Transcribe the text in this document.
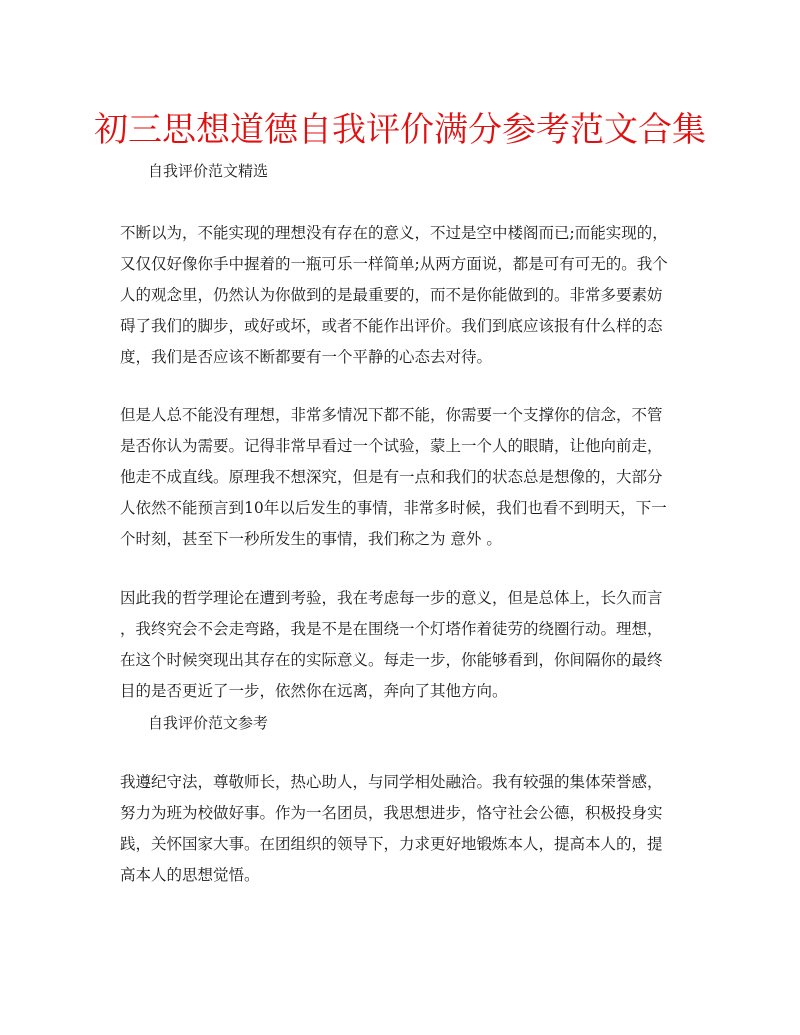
初三思想道德自我评价满分参考范文合集
自我评价范文精选

不断以为，不能实现的理想没有存在的意义，不过是空中楼阁而已;而能实现的，
又仅仅好像你手中握着的一瓶可乐一样简单;从两方面说，都是可有可无的。我个
人的观念里，仍然认为你做到的是最重要的，而不是你能做到的。非常多要素妨
碍了我们的脚步，或好或坏，或者不能作出评价。我们到底应该报有什么样的态
度，我们是否应该不断都要有一个平静的心态去对待。

但是人总不能没有理想，非常多情况下都不能，你需要一个支撑你的信念，不管
是否你认为需要。记得非常早看过一个试验，蒙上一个人的眼睛，让他向前走，
他走不成直线。原理我不想深究，但是有一点和我们的状态总是想像的，大部分
人依然不能预言到10年以后发生的事情，非常多时候，我们也看不到明天，下一
个时刻，甚至下一秒所发生的事情，我们称之为 意外 。

因此我的哲学理论在遭到考验，我在考虑每一步的意义，但是总体上，长久而言
，我终究会不会走弯路，我是不是在围绕一个灯塔作着徒劳的绕圈行动。理想，
在这个时候突现出其存在的实际意义。每走一步，你能够看到，你间隔你的最终
目的是否更近了一步，依然你在远离，奔向了其他方向。

自我评价范文参考

我遵纪守法，尊敬师长，热心助人，与同学相处融洽。我有较强的集体荣誉感，
努力为班为校做好事。作为一名团员，我思想进步，恪守社会公德，积极投身实
践，关怀国家大事。在团组织的领导下，力求更好地锻炼本人，提高本人的，提
高本人的思想觉悟。
